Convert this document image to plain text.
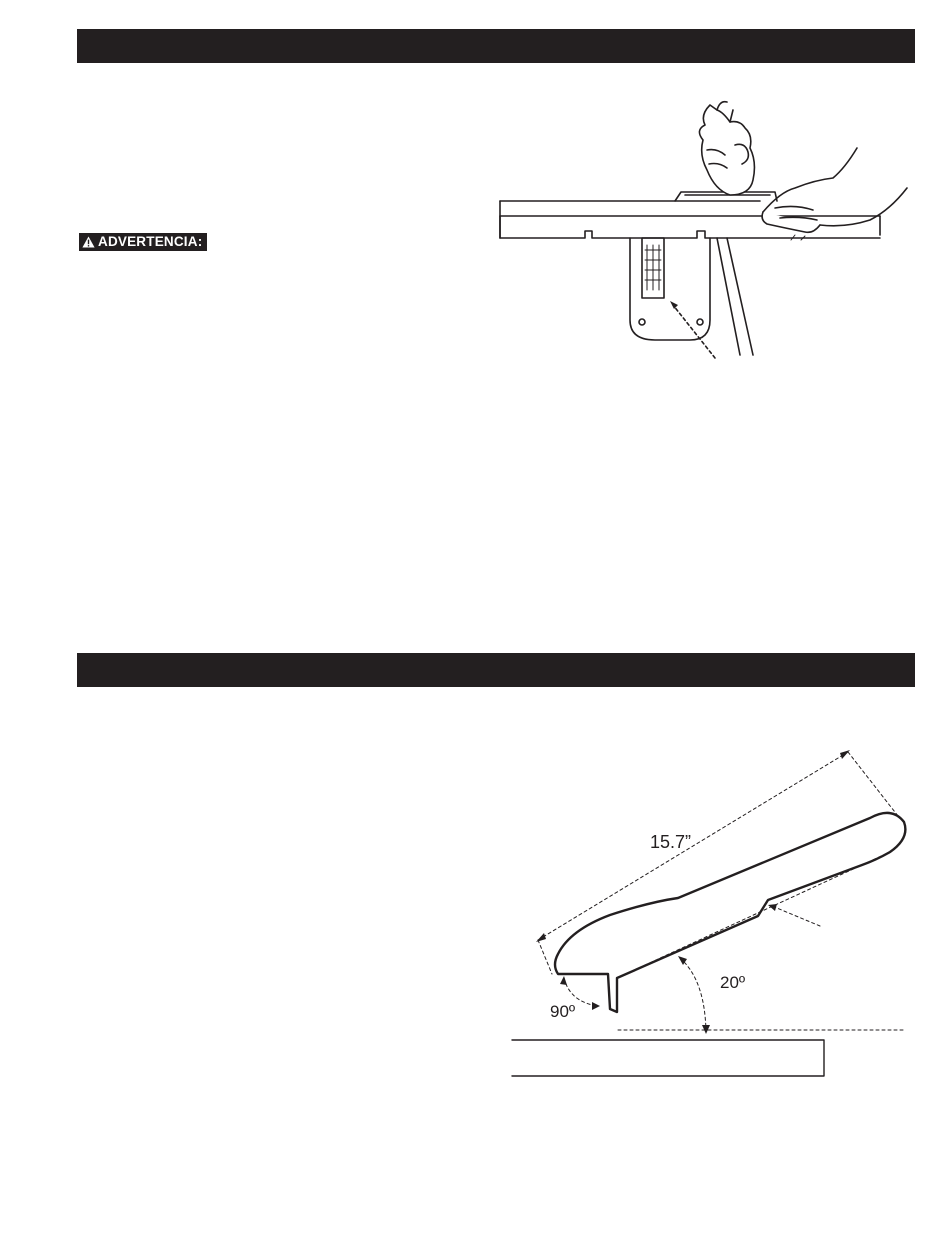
ADVERTENCIA:
15.7”
20º
90º
